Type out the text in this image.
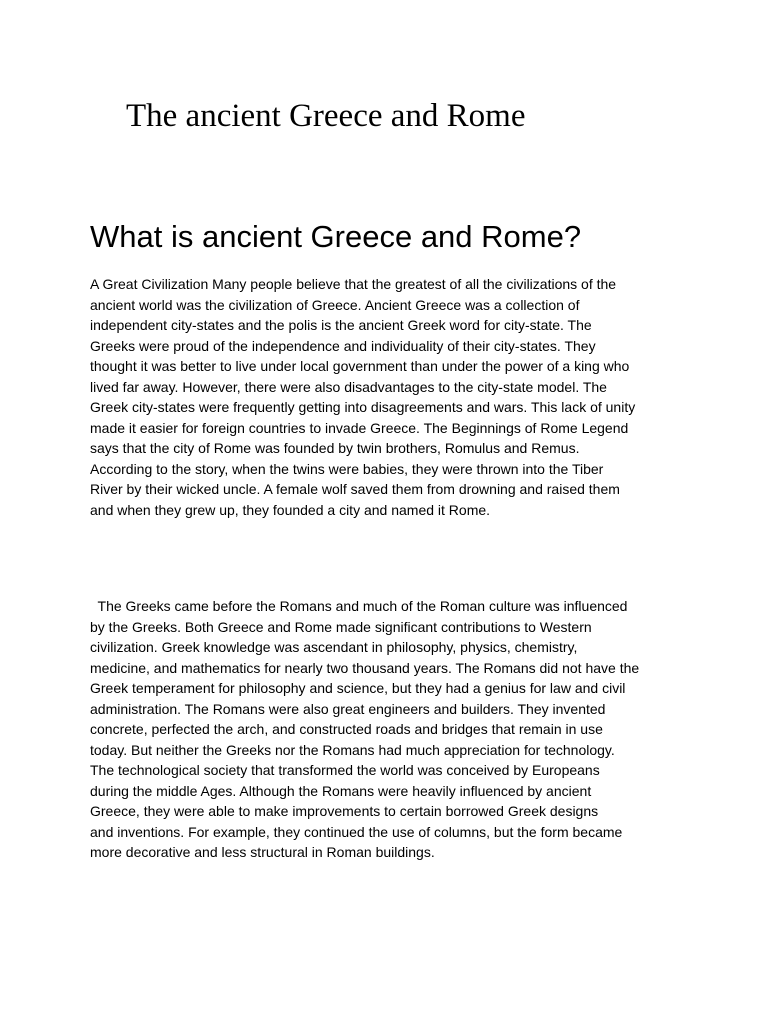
The ancient Greece and Rome
What is ancient Greece and Rome?

A Great Civilization Many people believe that the greatest of all the civilizations of the
ancient world was the civilization of Greece. Ancient Greece was a collection of
independent city-states and the polis is the ancient Greek word for city-state. The
Greeks were proud of the independence and individuality of their city-states. They
thought it was better to live under local government than under the power of a king who
lived far away. However, there were also disadvantages to the city-state model. The
Greek city-states were frequently getting into disagreements and wars. This lack of unity
made it easier for foreign countries to invade Greece. The Beginnings of Rome Legend
says that the city of Rome was founded by twin brothers, Romulus and Remus.
According to the story, when the twins were babies, they were thrown into the Tiber
River by their wicked uncle. A female wolf saved them from drowning and raised them
and when they grew up, they founded a city and named it Rome.

The Greeks came before the Romans and much of the Roman culture was influenced
by the Greeks. Both Greece and Rome made significant contributions to Western
civilization. Greek knowledge was ascendant in philosophy, physics, chemistry,
medicine, and mathematics for nearly two thousand years. The Romans did not have the
Greek temperament for philosophy and science, but they had a genius for law and civil
administration. The Romans were also great engineers and builders. They invented
concrete, perfected the arch, and constructed roads and bridges that remain in use
today. But neither the Greeks nor the Romans had much appreciation for technology.
The technological society that transformed the world was conceived by Europeans
during the middle Ages. Although the Romans were heavily influenced by ancient
Greece, they were able to make improvements to certain borrowed Greek designs
and inventions. For example, they continued the use of columns, but the form became
more decorative and less structural in Roman buildings.
